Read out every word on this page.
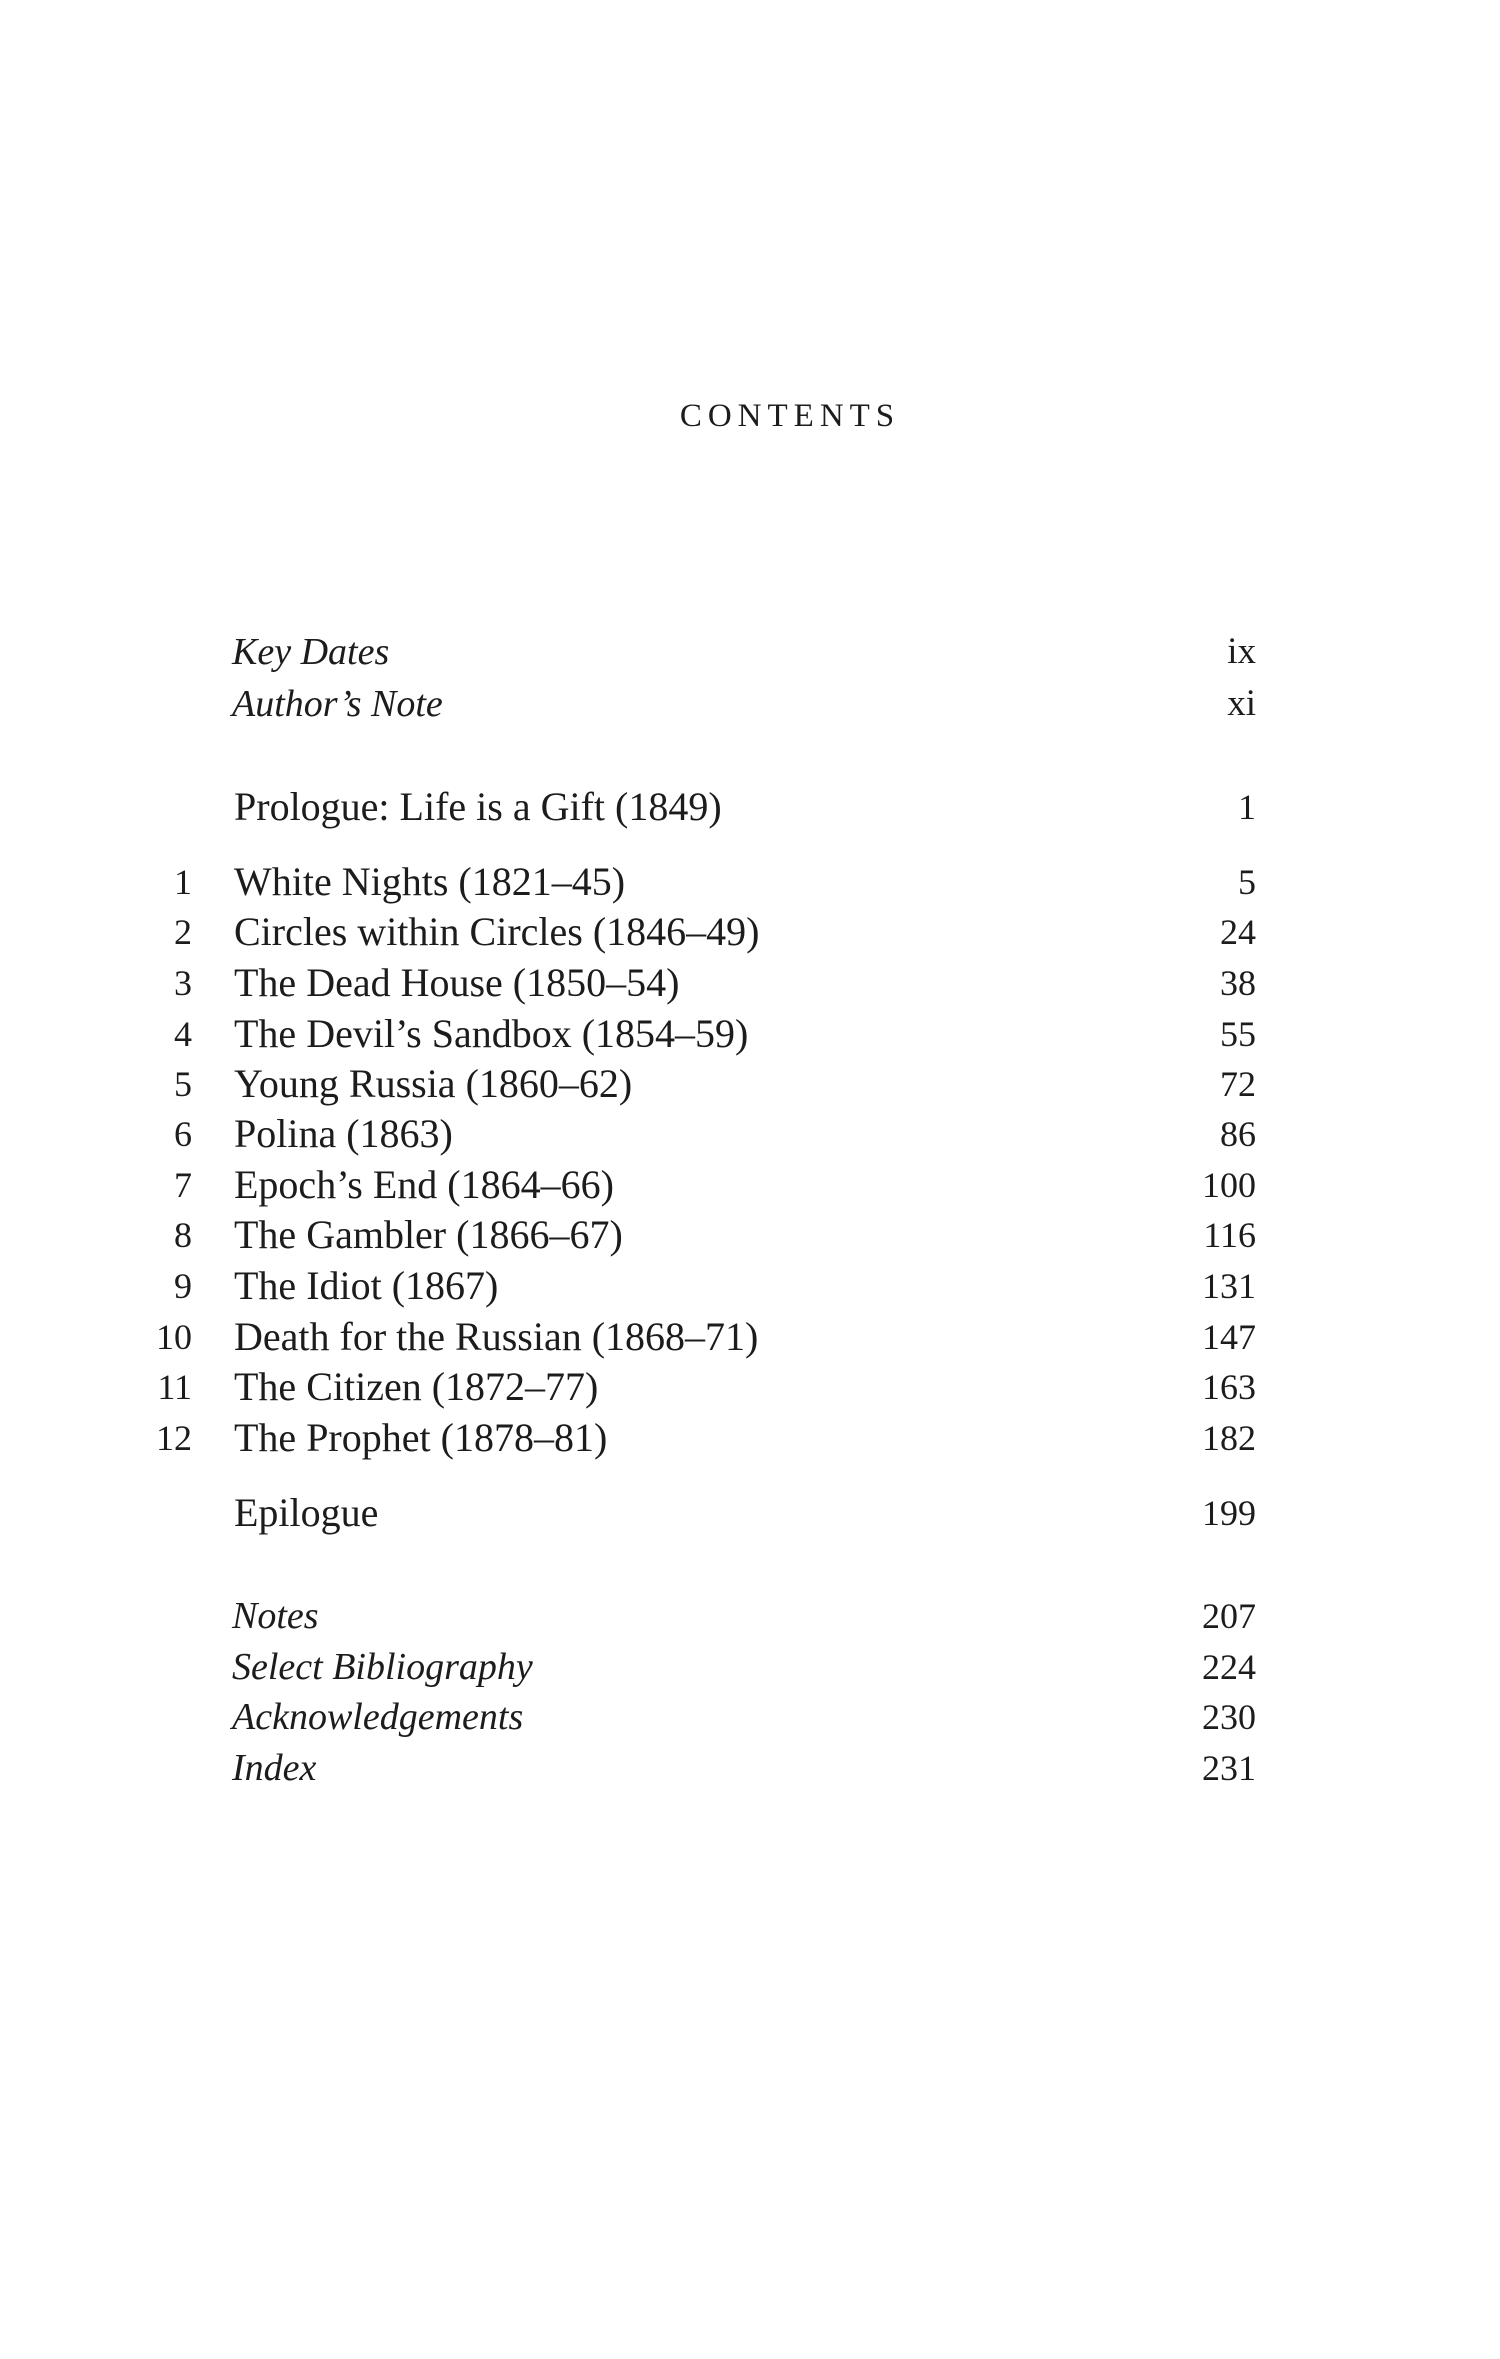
CONTENTS
Key Dates	ix
Author’s Note	xi
Prologue: Life is a Gift (1849)	1
1 White Nights (1821–45)	5
2 Circles within Circles (1846–49)	24
3 The Dead House (1850–54)	38
4 The Devil’s Sandbox (1854–59)	55
5 Young Russia (1860–62)	72
6 Polina (1863)	86
7 Epoch’s End (1864–66)	100
8 The Gambler (1866–67)	116
9 The Idiot (1867)	131
10 Death for the Russian (1868–71)	147
11 The Citizen (1872–77)	163
12 The Prophet (1878–81)	182
Epilogue	199
Notes	207
Select Bibliography	224
Acknowledgements	230
Index	231
